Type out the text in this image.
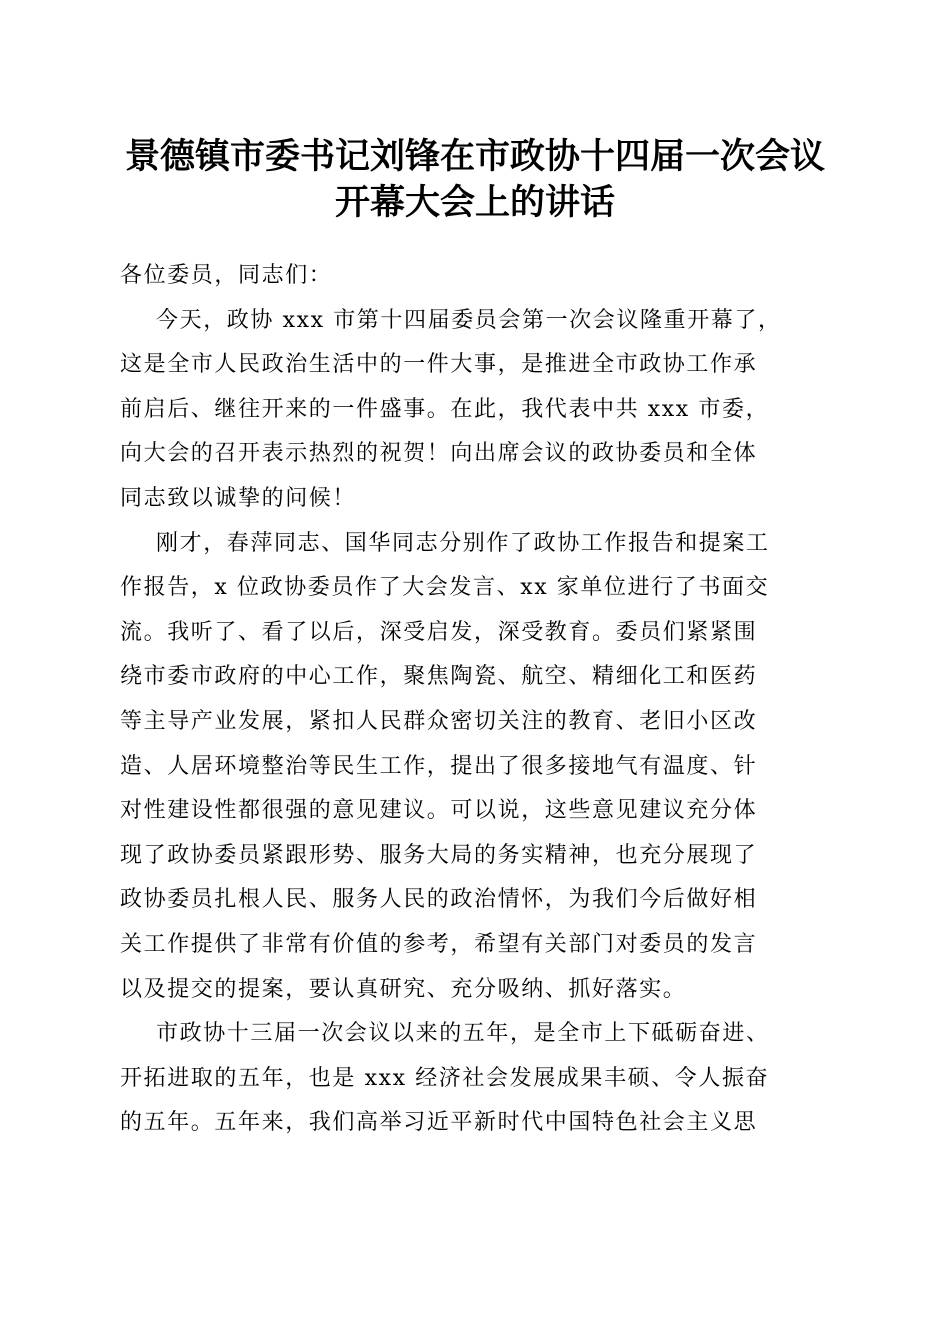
景德镇市委书记刘锋在市政协十四届一次会议
开幕大会上的讲话
各位委员，同志们：
今天，政协 xxx 市第十四届委员会第一次会议隆重开幕了，
这是全市人民政治生活中的一件大事，是推进全市政协工作承
前启后、继往开来的一件盛事。在此，我代表中共 xxx 市委，
向大会的召开表示热烈的祝贺！向出席会议的政协委员和全体
同志致以诚挚的问候！
刚才，春萍同志、国华同志分别作了政协工作报告和提案工
作报告，x 位政协委员作了大会发言、xx 家单位进行了书面交
流。我听了、看了以后，深受启发，深受教育。委员们紧紧围
绕市委市政府的中心工作，聚焦陶瓷、航空、精细化工和医药
等主导产业发展，紧扣人民群众密切关注的教育、老旧小区改
造、人居环境整治等民生工作，提出了很多接地气有温度、针
对性建设性都很强的意见建议。可以说，这些意见建议充分体
现了政协委员紧跟形势、服务大局的务实精神，也充分展现了
政协委员扎根人民、服务人民的政治情怀，为我们今后做好相
关工作提供了非常有价值的参考，希望有关部门对委员的发言
以及提交的提案，要认真研究、充分吸纳、抓好落实。
市政协十三届一次会议以来的五年，是全市上下砥砺奋进、
开拓进取的五年，也是 xxx 经济社会发展成果丰硕、令人振奋
的五年。五年来，我们高举习近平新时代中国特色社会主义思
